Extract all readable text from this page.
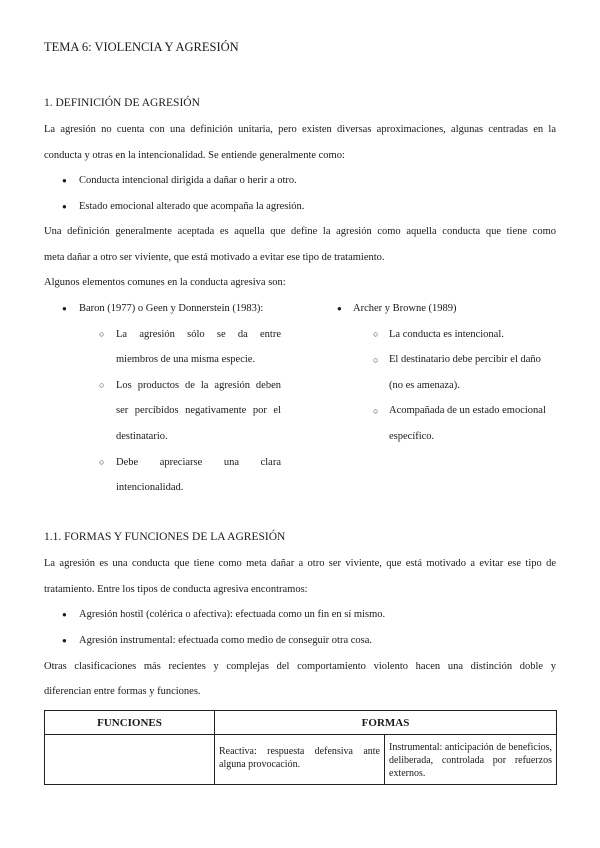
TEMA 6: VIOLENCIA Y AGRESIÓN
1. DEFINICIÓN DE AGRESIÓN
La agresión no cuenta con una definición unitaria, pero existen diversas aproximaciones, algunas centradas en la
conducta y otras en la intencionalidad. Se entiende generalmente como:
● Conducta intencional dirigida a dañar o herir a otro.
● Estado emocional alterado que acompaña la agresión.
Una definición generalmente aceptada es aquella que define la agresión como aquella conducta que tiene como
meta dañar a otro ser viviente, que está motivado a evitar ese tipo de tratamiento.
Algunos elementos comunes en la conducta agresiva son:
● Baron (1977) o Geen y Donnerstein (1983):
○ La agresión sólo se da entre
miembros de una misma especie.
○ Los productos de la agresión deben
ser percibidos negativamente por el
destinatario.
○ Debe apreciarse una clara
intencionalidad.
● Archer y Browne (1989)
○ La conducta es intencional.
○ El destinatario debe percibir el daño
(no es amenaza).
○ Acompañada de un estado emocional
específico.
1.1. FORMAS Y FUNCIONES DE LA AGRESIÓN
La agresión es una conducta que tiene como meta dañar a otro ser viviente, que está motivado a evitar ese tipo de
tratamiento. Entre los tipos de conducta agresiva encontramos:
● Agresión hostil (colérica o afectiva): efectuada como un fin en sí mismo.
● Agresión instrumental: efectuada como medio de conseguir otra cosa.
Otras clasificaciones más recientes y complejas del comportamiento violento hacen una distinción doble y
diferencian entre formas y funciones.
FUNCIONES	FORMAS	
	Reactiva: respuesta defensiva ante alguna provocación.	Instrumental: anticipación de beneficios, deliberada, controlada por refuerzos externos.
